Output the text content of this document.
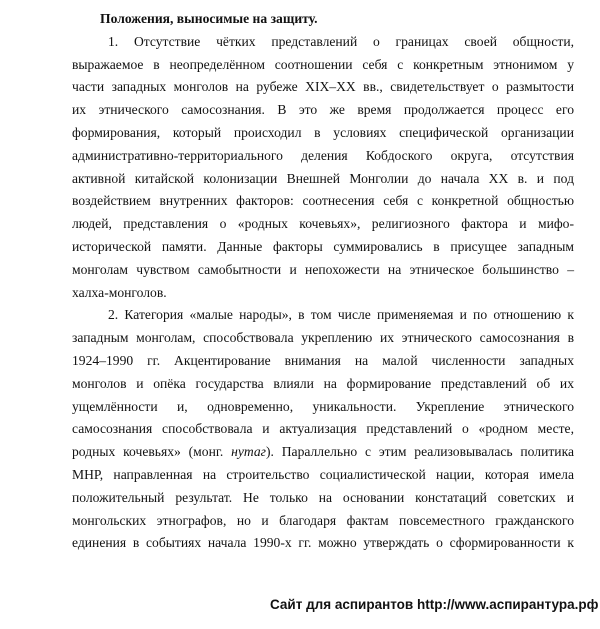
Положения, выносимые на защиту.

1. Отсутствие чётких представлений о границах своей общности,
выражаемое в неопределённом соотношении себя с конкретным этнонимом у
части западных монголов на рубеже XIX–XX вв., свидетельствует о размытости
их этнического самосознания. В это же время продолжается процесс его
формирования, который происходил в условиях специфической организации
административно-территориального деления Кобдоского округа, отсутствия
активной китайской колонизации Внешней Монголии до начала XX в. и под
воздействием внутренних факторов: соотнесения себя с конкретной общностью
людей, представления о «родных кочевьях», религиозного фактора и мифо-
исторической памяти. Данные факторы суммировались в присущее западным
монголам чувством самобытности и непохожести на этническое большинство –
халха-монголов.
2. Категория «малые народы», в том числе применяемая и по отношению к
западным монголам, способствовала укреплению их этнического самосознания в
1924–1990 гг. Акцентирование внимания на малой численности западных
монголов и опёка государства влияли на формирование представлений об их
ущемлённости и, одновременно, уникальности. Укрепление этнического
самосознания способствовала и актуализация представлений о «родном месте,
родных кочевьях» (монг. нутаг). Параллельно с этим реализовывалась политика
МНР, направленная на строительство социалистической нации, которая имела
положительный результат. Не только на основании констатаций советских и
монгольских этнографов, но и благодаря фактам повсеместного гражданского
единения в событиях начала 1990-х гг. можно утверждать о сформированности к
Сайт для аспирантов http://www.аспирантура.рф
